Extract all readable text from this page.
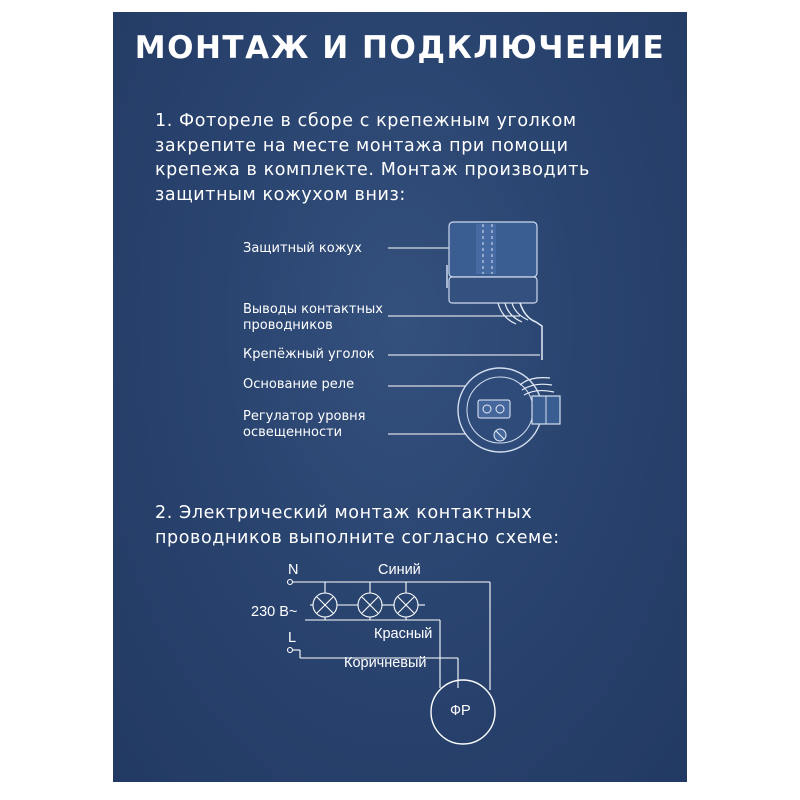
МОНТАЖ И ПОДКЛЮЧЕНИЕ
1. Фотореле в сборе с крепежным уголком
закрепите на месте монтажа при помощи
крепежа в комплекте. Монтаж производить
защитным кожухом вниз:
Защитный кожух
Выводы контактных
проводников
Крепёжный уголок
Основание реле
Регулатор уровня
освещенности
2. Электрический монтаж контактных
проводников выполните согласно схеме:
N
230 В~
L
Синий
Красный
Коричневый
ФР
